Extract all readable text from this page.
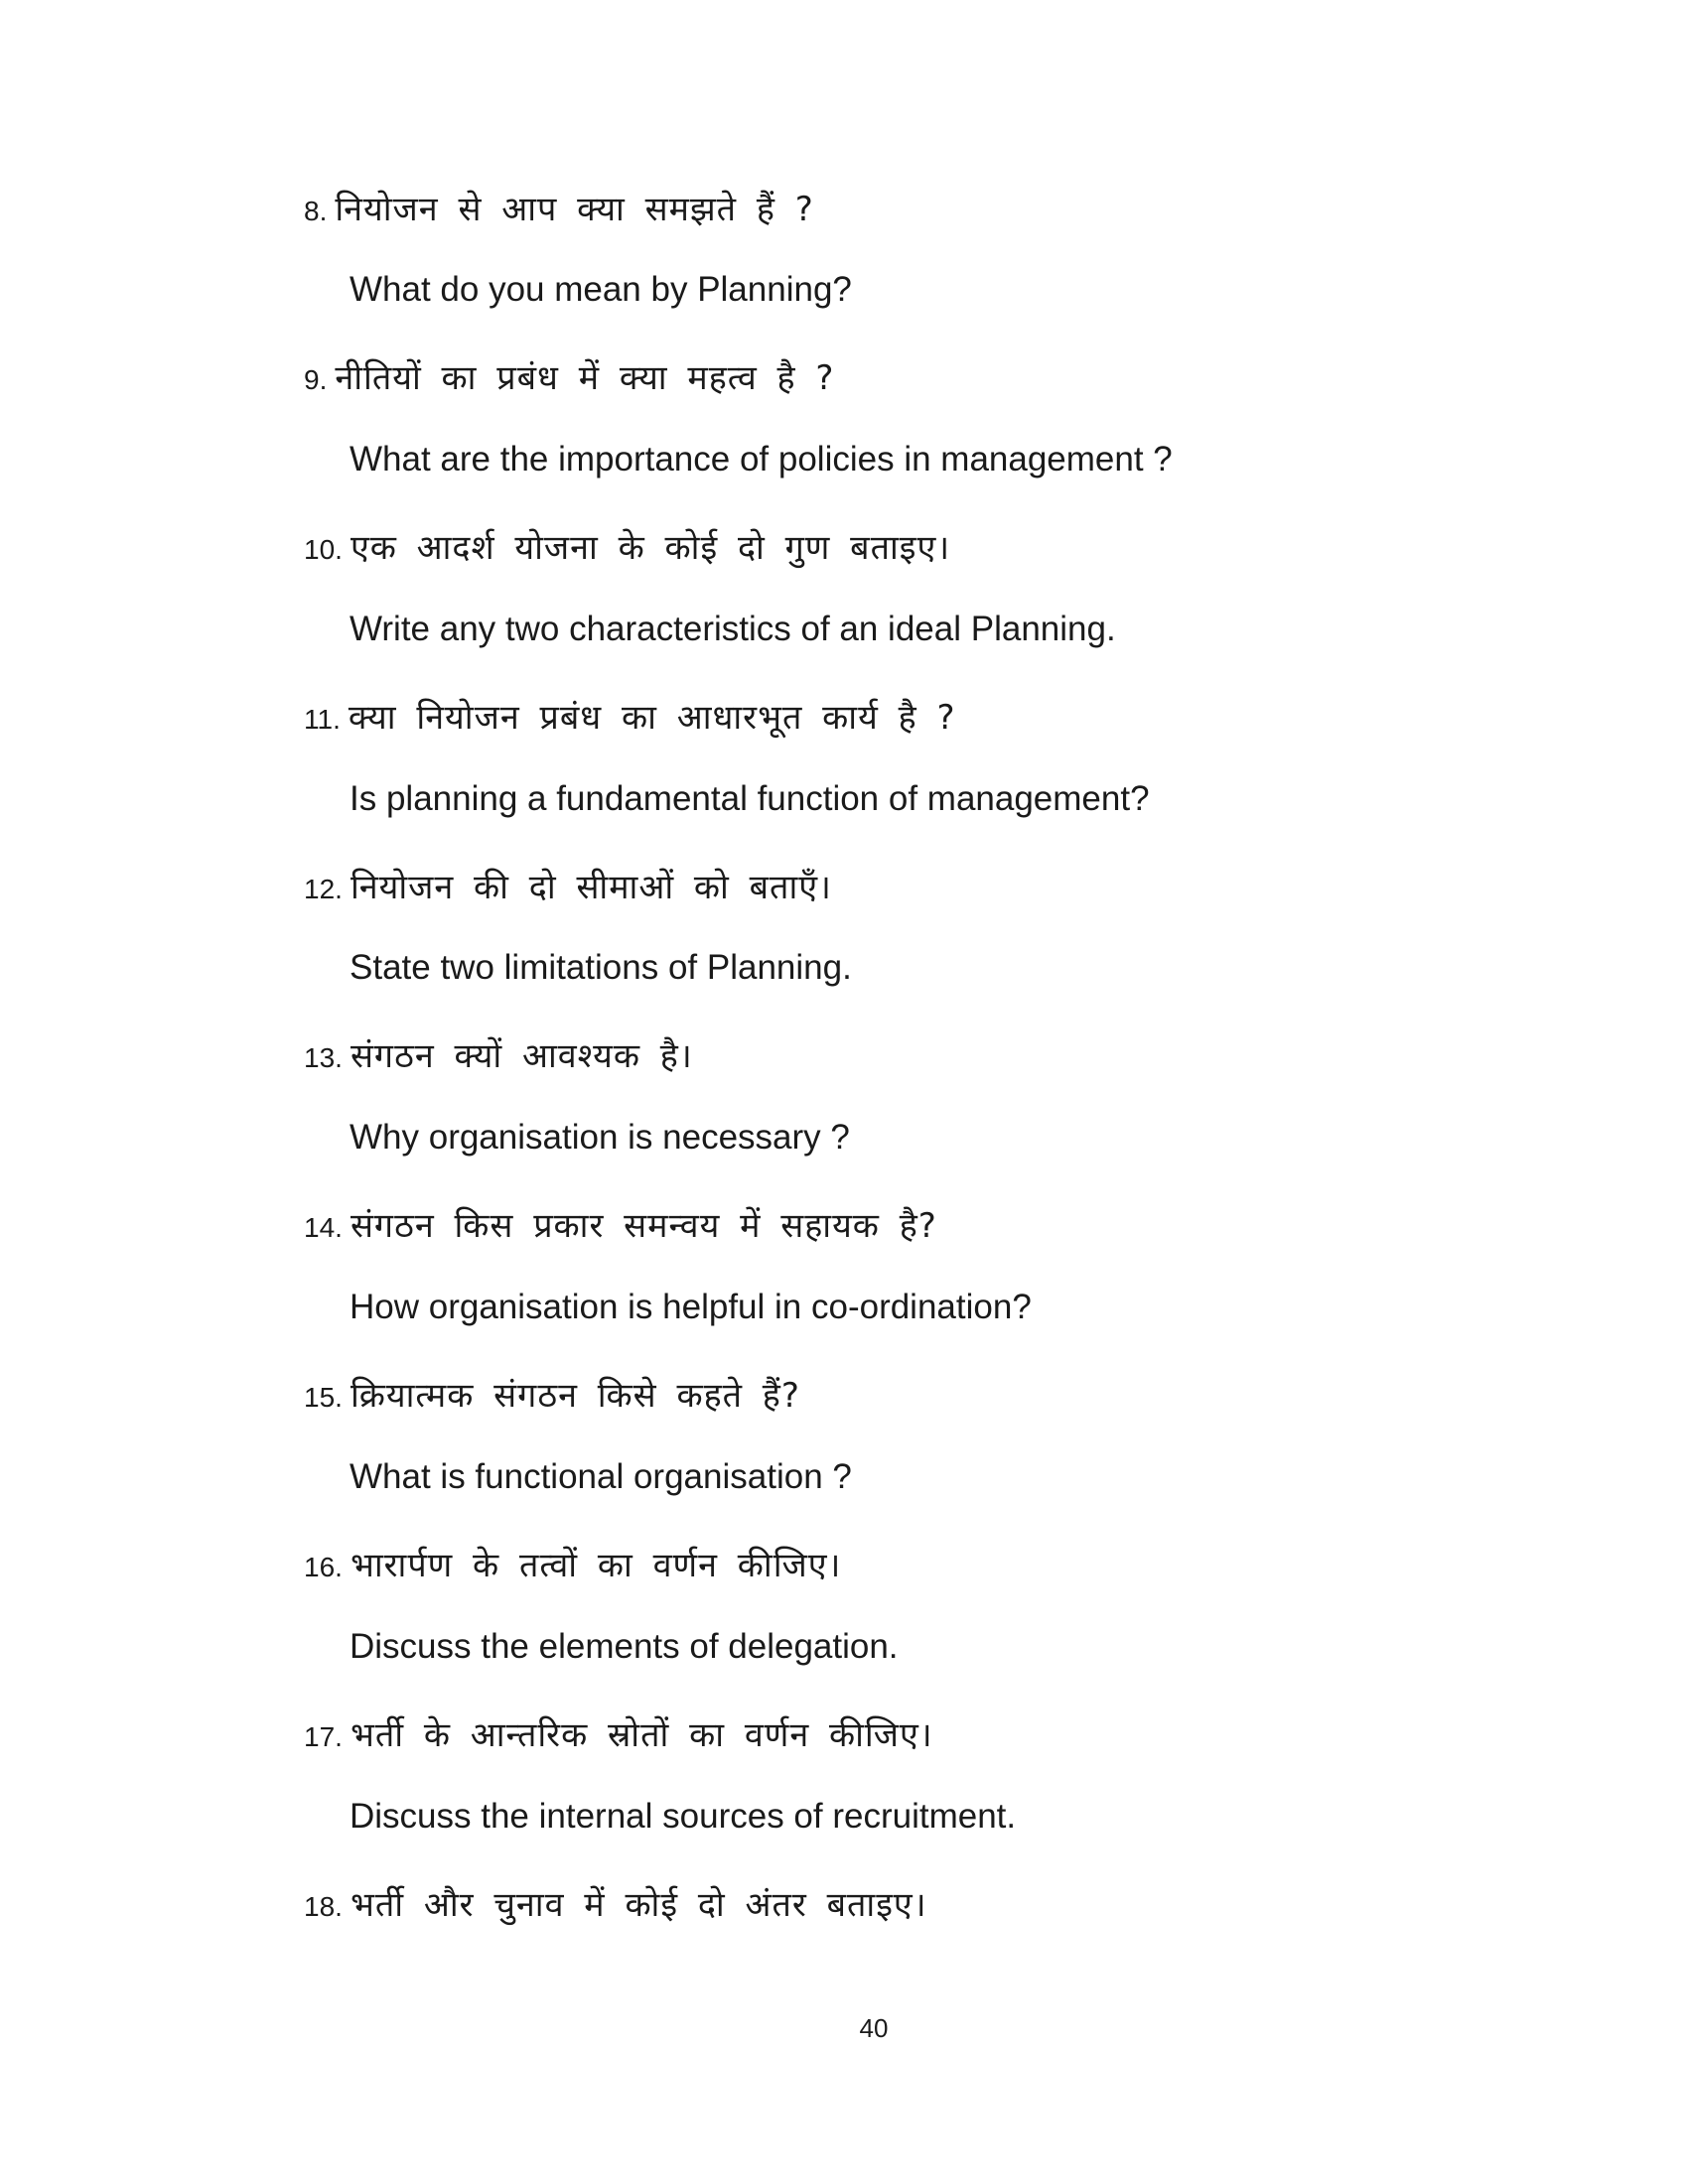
8. नियोजन से आप क्या समझते हैं ?
What do you mean by Planning?
9. नीतियों का प्रबंध में क्या महत्व है ?
What are the importance of policies in management ?
10. एक आदर्श योजना के कोई दो गुण बताइए।
Write any two characteristics of an ideal Planning.
11. क्या नियोजन प्रबंध का आधारभूत कार्य है ?
Is planning a fundamental function of management?
12. नियोजन की दो सीमाओं को बताएँ।
State two limitations of Planning.
13. संगठन क्यों आवश्यक है।
Why organisation is necessary ?
14. संगठन किस प्रकार समन्वय में सहायक है?
How organisation is helpful in co-ordination?
15. क्रियात्मक संगठन किसे कहते हैं?
What is functional organisation ?
16. भारार्पण के तत्वों का वर्णन कीजिए।
Discuss the elements of delegation.
17. भर्ती के आन्तरिक स्रोतों का वर्णन कीजिए।
Discuss the internal sources of recruitment.
18. भर्ती और चुनाव में कोई दो अंतर बताइए।
40
